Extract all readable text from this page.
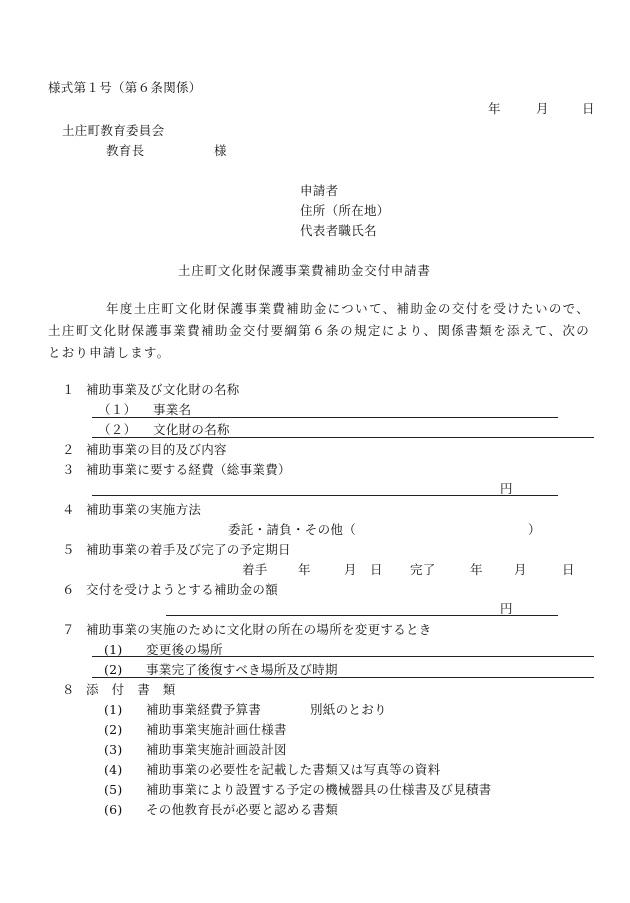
様式第１号（第６条関係）
年	月	日
土庄町教育委員会
教育長	様
申請者
住所（所在地）
代表者職氏名
土庄町文化財保護事業費補助金交付申請書
年度土庄町文化財保護事業費補助金について、補助金の交付を受けたいので、土庄町文化財保護事業費補助金交付要綱第６条の規定により、関係書類を添えて、次のとおり申請します。
１ 補助事業及び文化財の名称
（１） 事業名
（２） 文化財の名称
２ 補助事業の目的及び内容
３ 補助事業に要する経費（総事業費）
円
４ 補助事業の実施方法
委託・請負・その他（	）
５ 補助事業の着手及び完了の予定期日
着手 年	月 日 完了	年 月	日
６ 交付を受けようとする補助金の額
円
７ 補助事業の実施のために文化財の所在の場所を変更するとき
(1) 変更後の場所
(2) 事業完了後復すべき場所及び時期
８ 添　付　書　類
(1) 補助事業経費予算書	別紙のとおり
(2) 補助事業実施計画仕様書
(3) 補助事業実施計画設計図
(4) 補助事業の必要性を記載した書類又は写真等の資料
(5) 補助事業により設置する予定の機械器具の仕様書及び見積書
(6) その他教育長が必要と認める書類
